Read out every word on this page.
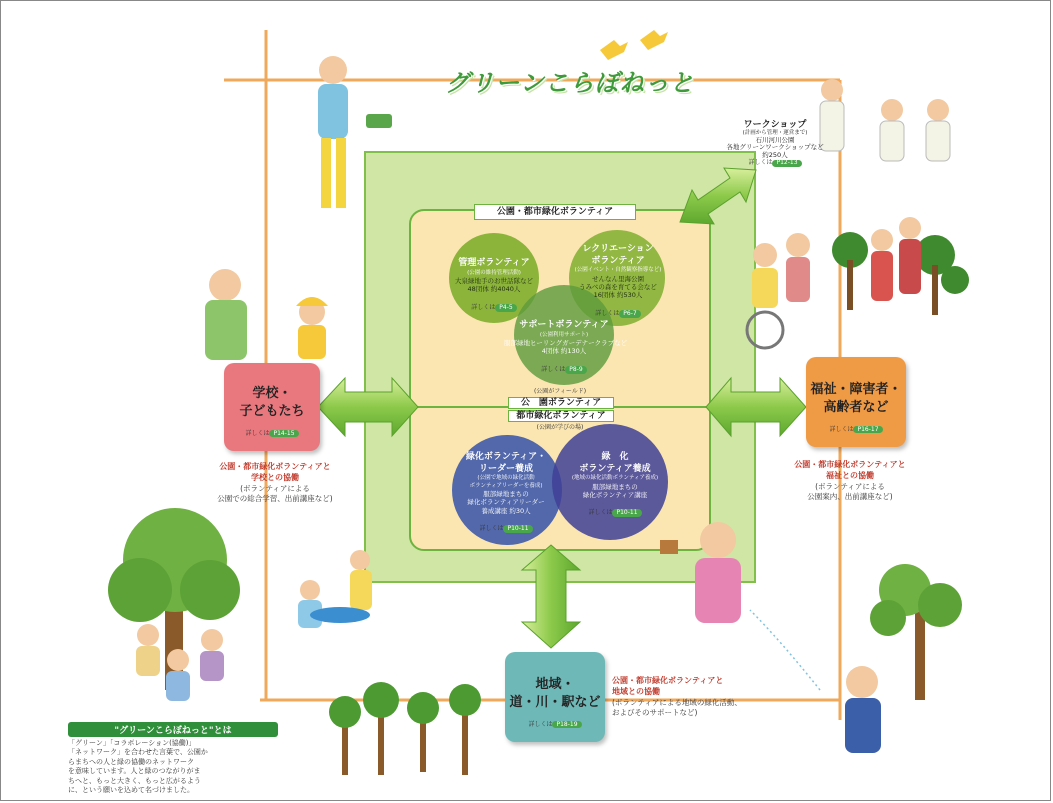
グリーンこらぼねっと
公園・都市緑化ボランティア
管理ボランティア
(公園の維持管理活動)
大泉緑地手のお世話隊など
48団体 約4040人
詳しくは P4-5
レクリエーション
ボランティア
(公園イベント・自然観察指導など)
せんなん里海公園
うみべの森を育てる会など
16団体 約530人
詳しくは P6-7
サポートボランティア
(公園利用サポート)
服部緑地ヒーリングガーデナークラブなど
4団体 約130人
詳しくは P8-9
(公園がフィールド)
公　園ボランティア
都市緑化ボランティア
(公園が学びの場)
緑化ボランティア・
リーダー養成
(公園で地域の緑化活動
ボランティアリーダーを養成)
服部緑地まちの
緑化ボランティアリーダー
養成講座 約30人
詳しくは P10-11
緑　化
ボランティア養成
(地域の緑化活動ボランティア養成)
服部緑地まちの
緑化ボランティア講座
詳しくは P10-11
ワークショップ
(計画から管理・運営まで)
石川河川公園
各地グリーンワークショップなど
約250人
詳しくは P12-13
学校・
子どもたち
詳しくは P14-15
公園・都市緑化ボランティアと
学校との協働
(ボランティアによる
公園での総合学習、出前講座など)
福祉・障害者・
高齢者など
詳しくは P16-17
公園・都市緑化ボランティアと
福祉との協働
(ボランティアによる
公園案内、出前講座など)
地域・
道・川・駅など
詳しくは P18-19
公園・都市緑化ボランティアと
地域との協働
(ボランティアによる地域の緑化活動、
およびそのサポートなど)
"グリーンこらぼねっと"とは
「グリーン」「コラボレーション(協働)」
「ネットワーク」を合わせた言葉で、公園か
らまちへの人と緑の協働のネットワーク
を意味しています。人と緑のつながりがま
ちへと、もっと大きく、もっと広がるよう
に、という願いを込めて名づけました。
